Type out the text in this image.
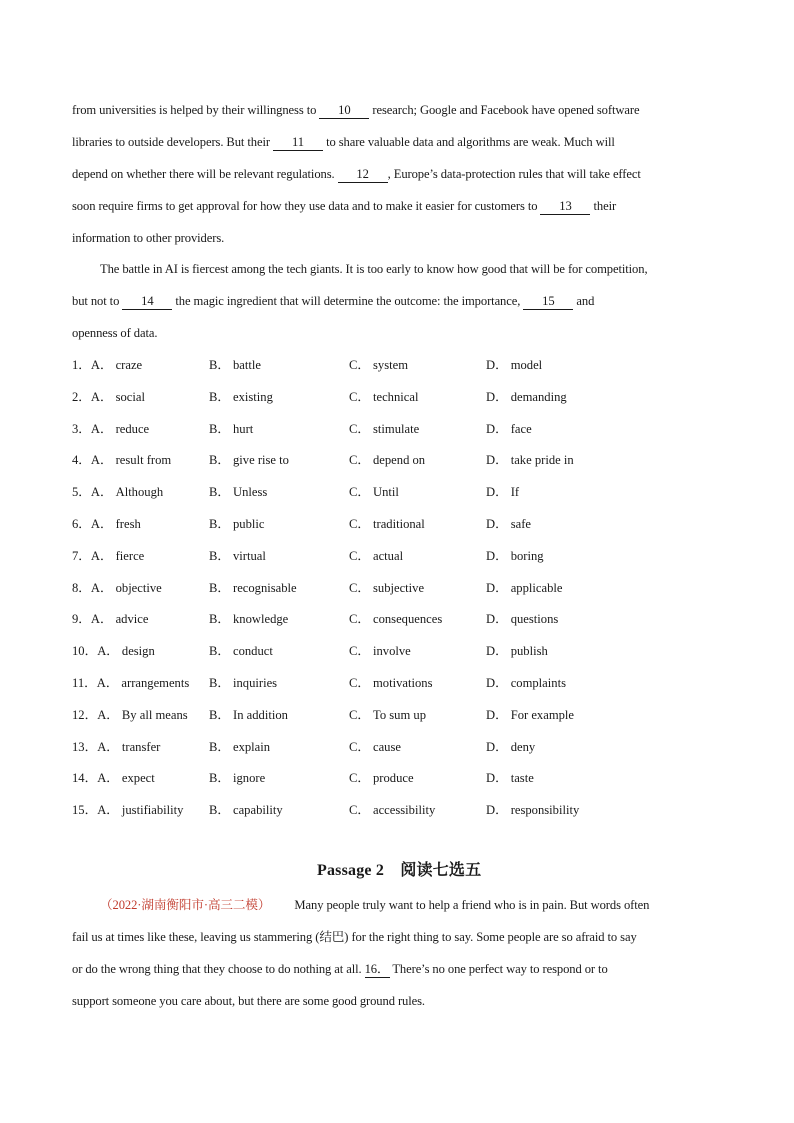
from universities is helped by their willingness to 10 research; Google and Facebook have opened software
libraries to outside developers. But their 11 to share valuable data and algorithms are weak. Much will
depend on whether there will be relevant regulations. 12 , Europe’s data-protection rules that will take effect
soon require firms to get approval for how they use data and to make it easier for customers to 13 their
information to other providers.
The battle in AI is fiercest among the tech giants. It is too early to know how good that will be for competition,
but not to 14 the magic ingredient that will determine the outcome: the importance, 15 and
openness of data.
1．A． craze	B． battle	C． system	D． model
2．A． social	B． existing	C． technical	D． demanding
3．A． reduce	B． hurt	C． stimulate	D． face
4．A． result from	B． give rise to	C． depend on	D． take pride in
5．A． Although	B． Unless	C． Until	D． If
6．A． fresh	B． public	C． traditional	D． safe
7．A． fierce	B． virtual	C． actual	D． boring
8．A． objective	B． recognisable	C． subjective	D． applicable
9．A． advice	B． knowledge	C． consequences	D． questions
10．A． design	B． conduct	C． involve	D． publish
11．A． arrangements B． inquiries	C． motivations	D． complaints
12．A． By all means B． In addition	C． To sum up	D． For example
13．A． transfer	B． explain	C． cause	D． deny
14．A． expect	B． ignore	C． produce	D． taste
15．A． justifiability B． capability	C． accessibility	D． responsibility
Passage 2　阅读七选五
（2022·湖南衡阳市·高三二模） Many people truly want to help a friend who is in pain. But words often
fail us at times like these, leaving us stammering (结巴) for the right thing to say. Some people are so afraid to say
or do the wrong thing that they choose to do nothing at all. 16． There’s no one perfect way to respond or to
support someone you care about, but there are some good ground rules.
